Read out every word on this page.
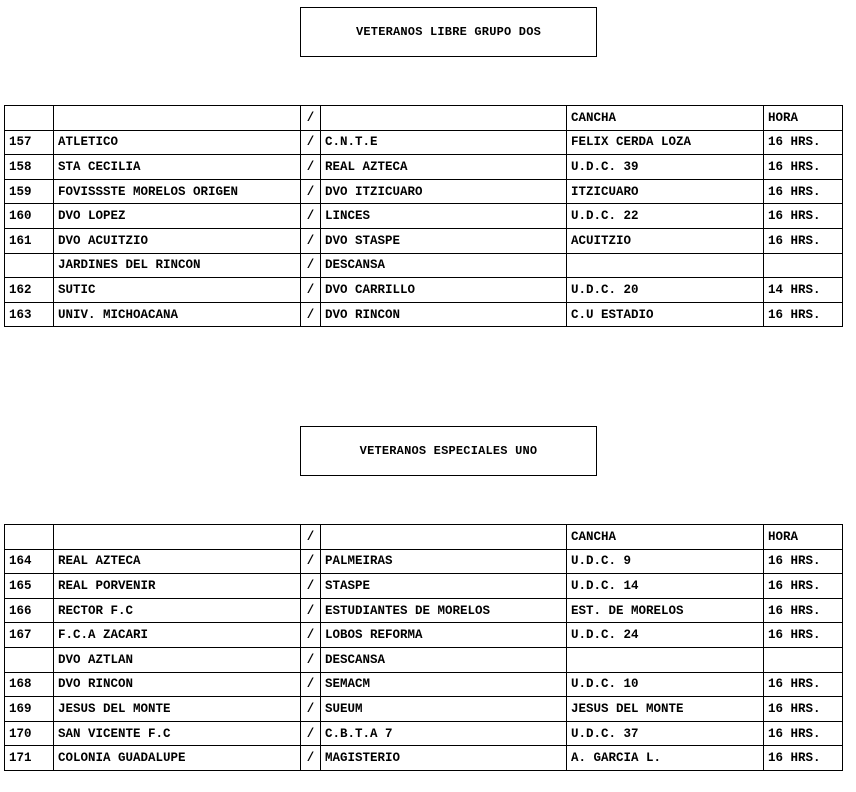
VETERANOS LIBRE GRUPO DOS
		/		CANCHA	HORA
157	ATLETICO	/	C.N.T.E	FELIX CERDA LOZA	16 HRS.
158	STA CECILIA	/	REAL AZTECA	U.D.C. 39	16 HRS.
159	FOVISSSTE MORELOS ORIGEN	/	DVO ITZICUARO	ITZICUARO	16 HRS.
160	DVO LOPEZ	/	LINCES	U.D.C. 22	16 HRS.
161	DVO ACUITZIO	/	DVO STASPE	ACUITZIO	16 HRS.
	JARDINES DEL RINCON	/	DESCANSA		
162	SUTIC	/	DVO CARRILLO	U.D.C. 20	14 HRS.
163	UNIV. MICHOACANA	/	DVO RINCON	C.U ESTADIO	16 HRS.
VETERANOS ESPECIALES UNO
		/		CANCHA	HORA
164	REAL AZTECA	/	PALMEIRAS	U.D.C. 9	16 HRS.
165	REAL PORVENIR	/	STASPE	U.D.C. 14	16 HRS.
166	RECTOR F.C	/	ESTUDIANTES DE MORELOS	EST. DE MORELOS	16 HRS.
167	F.C.A ZACARI	/	LOBOS REFORMA	U.D.C. 24	16 HRS.
	DVO AZTLAN	/	DESCANSA		
168	DVO RINCON	/	SEMACM	U.D.C. 10	16 HRS.
169	JESUS DEL MONTE	/	SUEUM	JESUS DEL MONTE	16 HRS.
170	SAN VICENTE F.C	/	C.B.T.A 7	U.D.C. 37	16 HRS.
171	COLONIA GUADALUPE	/	MAGISTERIO	A. GARCIA L.	16 HRS.
